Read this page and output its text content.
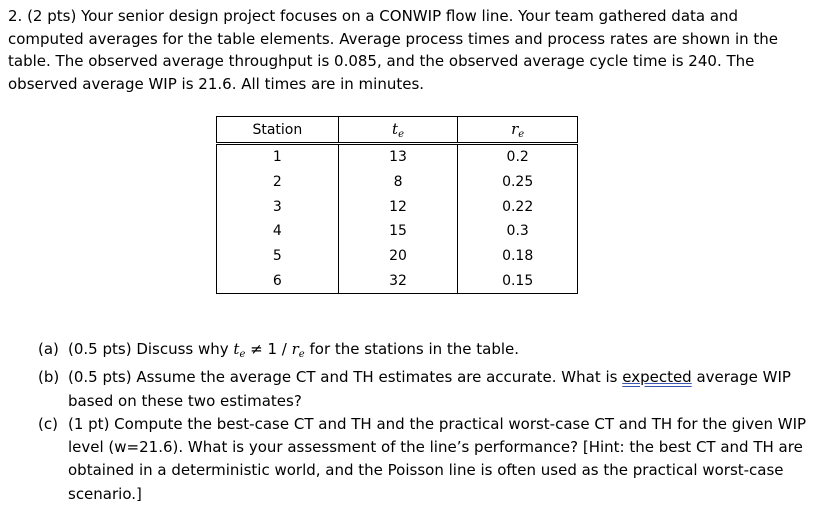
2. (2 pts) Your senior design project focuses on a CONWIP flow line. Your team gathered data and
computed averages for the table elements. Average process times and process rates are shown in the
table. The observed average throughput is 0.085, and the observed average cycle time is 240. The
observed average WIP is 21.6. All times are in minutes.
Station	$t_e$	$r_e$
1	13	0.2
2	8	0.25
3	12	0.22
4	15	0.3
5	20	0.18
6	32	0.15
(a) (0.5 pts) Discuss why $t_e \ne 1 / r_e$ for the stations in the table.
(b) (0.5 pts) Assume the average CT and TH estimates are accurate. What is expected average WIP
based on these two estimates?
(c) (1 pt) Compute the best-case CT and TH and the practical worst-case CT and TH for the given WIP
level (w=21.6). What is your assessment of the line’s performance? [Hint: the best CT and TH are
obtained in a deterministic world, and the Poisson line is often used as the practical worst-case
scenario.]
